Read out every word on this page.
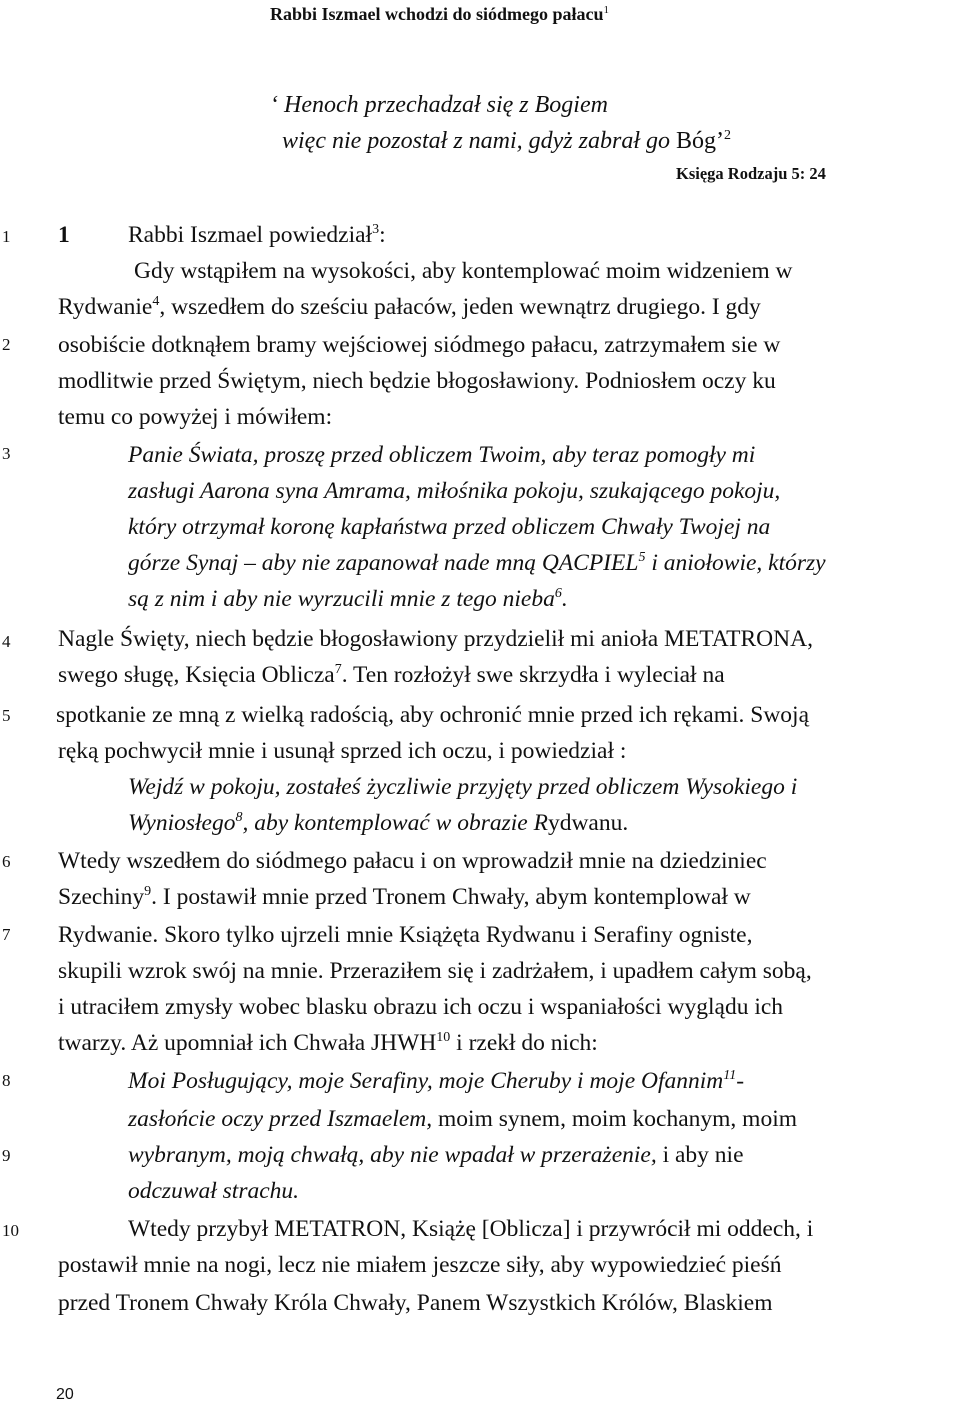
Rabbi Iszmael wchodzi do siódmego pałacu$^1$
‘ Henoch przechadzał się z Bogiem
więc nie pozostał z nami, gdyż zabrał go Bóg’$^2$
Księga Rodzaju 5: 24
1
2
3
4
5
6
7
8
9
10
1 Rabbi Iszmael powiedział$^3$:
Gdy wstąpiłem na wysokości, aby kontemplować moim widzeniem w
Rydwanie$^4$, wszedłem do sześciu pałaców, jeden wewnątrz drugiego. I gdy
osobiście dotknąłem bramy wejściowej siódmego pałacu, zatrzymałem sie w
modlitwie przed Świętym, niech będzie błogosławiony. Podniosłem oczy ku
temu co powyżej i mówiłem:
Panie Świata, proszę przed obliczem Twoim, aby teraz pomogły mi
zasługi Aarona syna Amrama, miłośnika pokoju, szukającego pokoju,
który otrzymał koronę kapłaństwa przed obliczem Chwały Twojej na
górze Synaj – aby nie zapanował nade mną QACPIEL$^5$ i aniołowie, którzy
są z nim i aby nie wyrzucili mnie z tego nieba$^6$.
Nagle Święty, niech będzie błogosławiony przydzielił mi anioła METATRONA,
swego sługę, Księcia Oblicza$^7$. Ten rozłożył swe skrzydła i wyleciał na
spotkanie ze mną z wielką radością, aby ochronić mnie przed ich rękami. Swoją
ręką pochwycił mnie i usunął sprzed ich oczu, i powiedział :
Wejdź w pokoju, zostałeś życzliwie przyjęty przed obliczem Wysokiego i
Wyniosłego$^8$, aby kontemplować w obrazie Rydwanu.
Wtedy wszedłem do siódmego pałacu i on wprowadził mnie na dziedziniec
Szechiny$^9$. I postawił mnie przed Tronem Chwały, abym kontemplował w
Rydwanie. Skoro tylko ujrzeli mnie Książęta Rydwanu i Serafiny ogniste,
skupili wzrok swój na mnie. Przeraziłem się i zadrżałem, i upadłem całym sobą,
i utraciłem zmysły wobec blasku obrazu ich oczu i wspaniałości wyglądu ich
twarzy. Aż upomniał ich Chwała JHWH$^{10}$ i rzekł do nich:
Moi Posługujący, moje Serafiny, moje Cheruby i moje Ofannim$^{11}$-
zasłońcie oczy przed Iszmaelem, moim synem, moim kochanym, moim
wybranym, moją chwałą, aby nie wpadał w przerażenie, i aby nie
odczuwał strachu.
Wtedy przybył METATRON, Książę [Oblicza] i przywrócił mi oddech, i
postawił mnie na nogi, lecz nie miałem jeszcze siły, aby wypowiedzieć pieśń
przed Tronem Chwały Króla Chwały, Panem Wszystkich Królów, Blaskiem
20
